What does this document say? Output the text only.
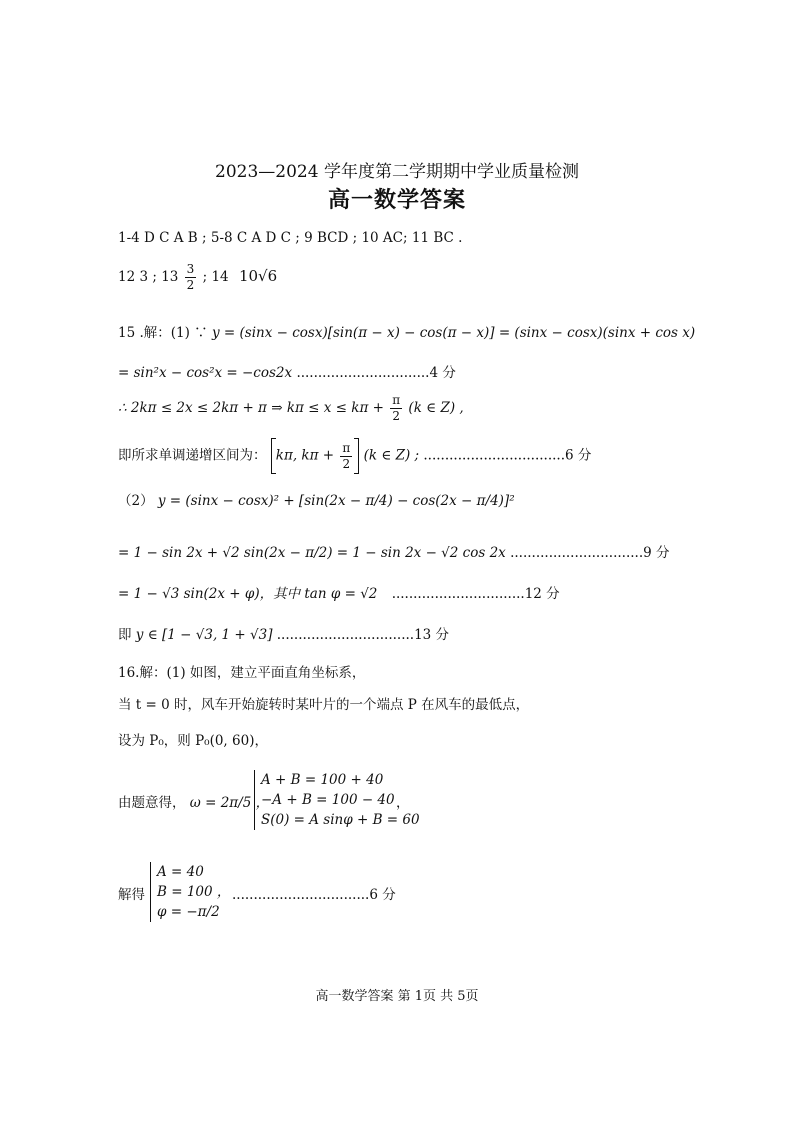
2023—2024 学年度第二学期期中学业质量检测
高一数学答案
1-4 D C A B ; 5-8 C A D C ; 9 BCD ; 10 AC; 11 BC .
12 3 ; $13 \frac{3}{2}$ ; 14 10√6
15 .解：(1) ∵ y = (sinx − cosx)[sin(π − x) − cos(π − x)] = (sinx − cosx)(sinx + cos x)
= sin²x − cos²x = −cos2x ...............................4 分
∴ 2kπ ≤ 2x ≤ 2kπ + π ⇒ $k\pi \le x \le k\pi + \frac{\pi}{2} (k$ ∈ Z) ,
即所求单调递增区间为： kπ, $k\pi + \frac{\pi}{2} (k$ ∈ Z) ; .................................6 分
（2） y = (sinx − cosx)² + [sin(2x − π/4) − cos(2x − π/4)]²
= 1 − sin 2x + √2 sin(2x − π/2) = 1 − sin 2x − √2 cos 2x ...............................9 分
= 1 − √3 sin(2x + φ)，其中 tan φ = √2 ...............................12 分
即 y ∈ [1 − √3, 1 + √3] ................................13 分
16.解：(1) 如图，建立平面直角坐标系，
当 t = 0 时，风车开始旋转时某叶片的一个端点 P 在风车的最低点，
设为 P₀，则 P₀(0, 60)，
由题意得， ω = 2π/5 ，
A + B = 100 + 40
−A + B = 100 − 40
S(0) = A sinφ + B = 60
，
解得
A = 40
B = 100 ，
φ = −π/2
................................6 分
高一数学答案 第 1页 共 5页
